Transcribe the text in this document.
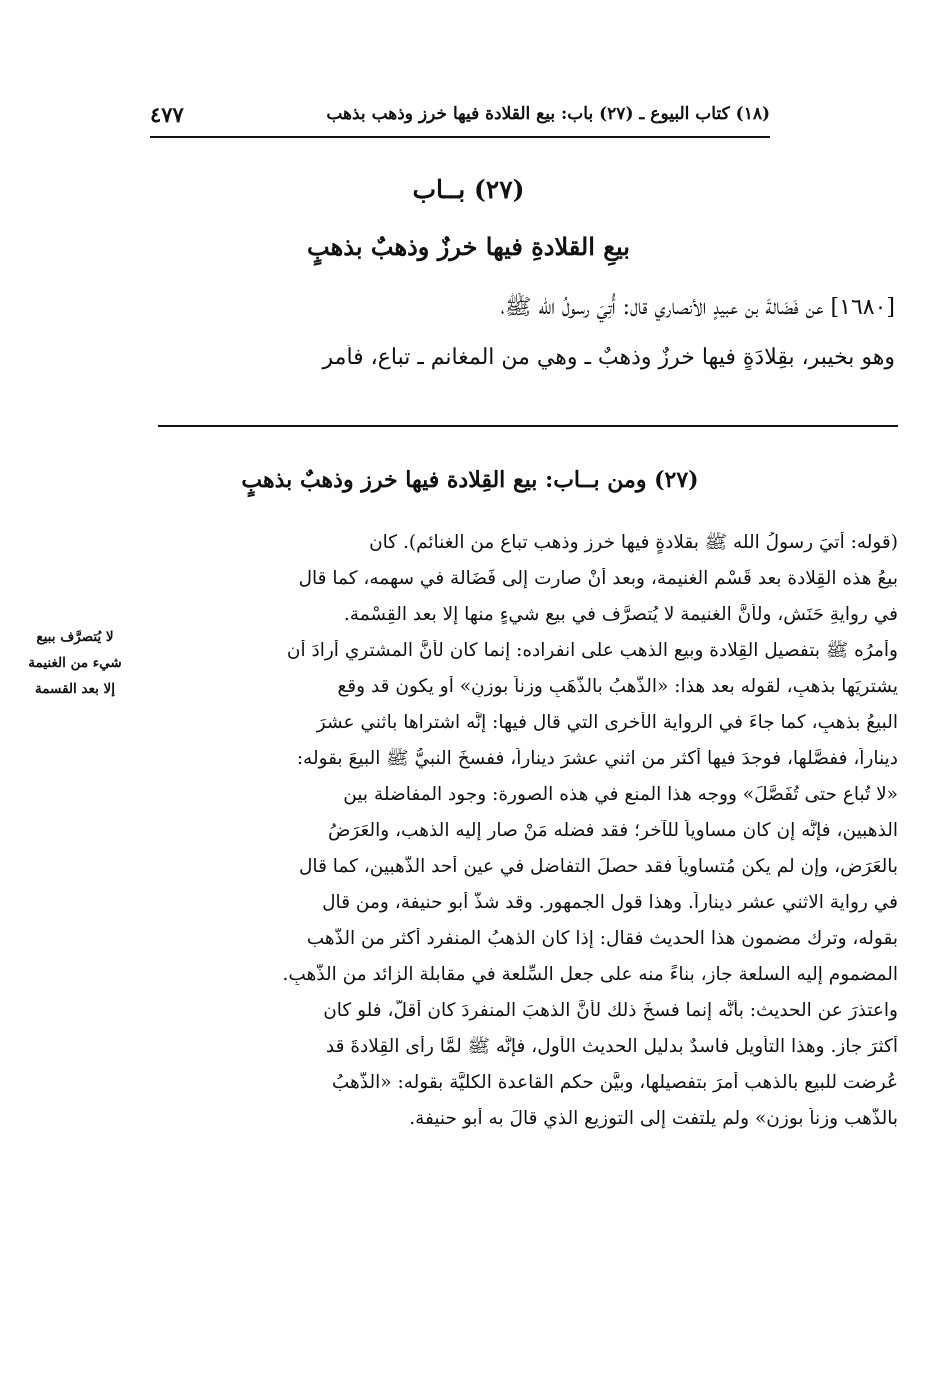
(١٨) كتاب البيوع ـ (٢٧) باب: بيع القلادة فيها خرز وذهب بذهب
٤٧٧
(٢٧) بــاب
بيعِ القلادةِ فيها خرزٌ وذهبٌ بذهبٍ
[١٦٨٠] عن فَضَالةَ بن عبيدٍ الأنصاري قال: أُتِيَ رسولُ الله ﷺ،
وهو بخيبر، بقِلادَةٍ فيها خرزٌ وذهبٌ ـ وهي من المغانم ـ تباع، فأمر
(٢٧) ومن بــاب: بيع القِلادة فيها خرز وذهبٌ بذهبٍ
(قوله: أُتيَ رسولُ الله ﷺ بقلادةٍ فيها خرز وذهب تباع من الغنائم). كان
بيعُ هذه القِلادة بعد قَسْم الغنيمة، وبعد أنْ صارت إلى فَضَالة في سهمه، كما قال
في روايةِ حَنَشٍ، ولأنَّ الغنيمة لا يُتصرَّف في بيعِ شيءٍ منها إلا بعد القِسْمة.
وأمرُه ﷺ بتفصيل القِلادة وبيع الذهب على انفراده: إنما كان لأنَّ المشتري أرادَ أن
يشتريَها بذهبٍ، لقوله بعد هذا: «الذَّهبُ بالذَّهَبِ وزناً بوزنٍ» أو يكون قد وقع
البيعُ بذهبٍ، كما جاءَ في الرواية الأخرى التي قال فيها: إنَّه اشتراها باثني عشرَ
ديناراً، ففصَّلها، فوجدَ فيها أكثر من اثني عشرَ ديناراً، ففسخَ النبيُّ ﷺ البيعَ بقوله:
«لا تُباع حتى تُفَصَّلَ» ووجه هذا المنع في هذه الصورة: وجود المفاضلة بين
الذهبين، فإنَّه إن كان مساوياً للآخر؛ فقد فضله مَنْ صار إليه الذهب، والعَرَضُ
بالعَرَض، وإن لم يكن مُتساوياً فقد حصلَ التفاضل في عين أحد الذَّهبين، كما قال
في رواية الاثني عشر ديناراً. وهذا قول الجمهور. وقد شذَّ أبو حنيفة، ومن قال
بقوله، وترك مضمون هذا الحديث فقال: إذا كان الذهبُ المنفرد أكثر من الذَّهب
المضموم إليه السلعة جاز، بناءً منه على جعل السِّلعة في مقابلة الزائد من الذَّهبِ.
واعتذرَ عن الحديث: بأنَّه إنما فسخَ ذلك لأنَّ الذهبَ المنفردَ كان أقلَّ، فلو كان
أكثرَ جاز. وهذا التأويل فاسدٌ بدليل الحديث الأول، فإنَّه ﷺ لمَّا رأى القِلادةَ قد
عُرِضت للبيع بالذهب أمرَ بتفصيلها، وبيَّن حكم القاعدة الكليَّة بقوله: «الذَّهبُ
بالذَّهب وزناً بوزن» ولم يلتفت إلى التوزيع الذي قالَ به أبو حنيفة.
لا يُتصرَّف ببيع
شيء من الغنيمة
إلا بعد القسمة
